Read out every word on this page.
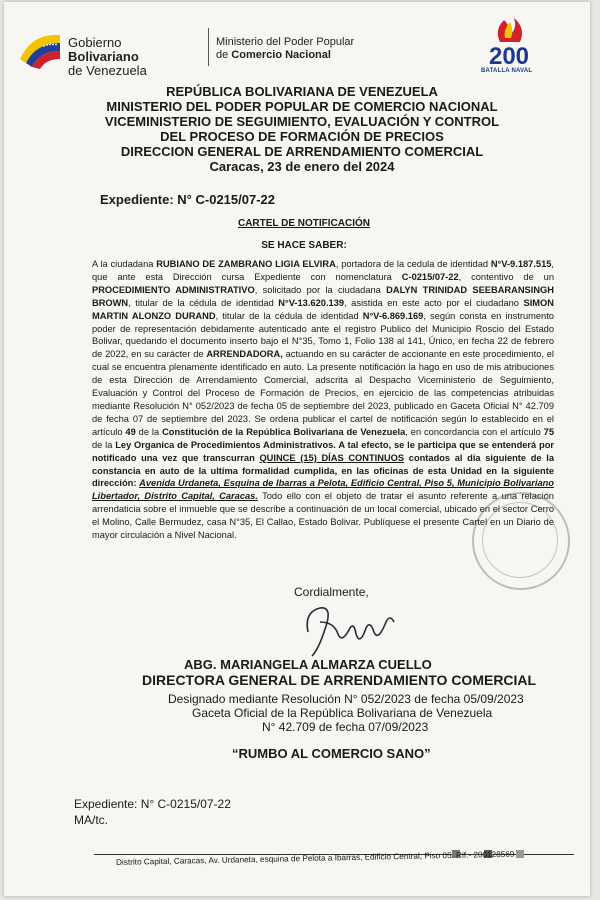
Gobierno Bolivariano
de Venezuela
Ministerio del Poder Popular
de Comercio Nacional	200
BATALLA NAVAL
REPÚBLICA BOLIVARIANA DE VENEZUELA
MINISTERIO DEL PODER POPULAR DE COMERCIO NACIONAL
VICEMINISTERIO DE SEGUIMIENTO, EVALUACIÓN Y CONTROL
DEL PROCESO DE FORMACIÓN DE PRECIOS
DIRECCION GENERAL DE ARRENDAMIENTO COMERCIAL
Caracas, 23 de enero del 2024
Expediente: N° C-0215/07-22
CARTEL DE NOTIFICACIÓN
SE HACE SABER:
A la ciudadana RUBIANO DE ZAMBRANO LIGIA ELVIRA, portadora de la cedula de identidad N°V-9.187.515, que ante esta Dirección cursa Expediente con nomenclatura C-0215/07-22, contentivo de un PROCEDIMIENTO ADMINISTRATIVO, solicitado por la ciudadana DALYN TRINIDAD SEEBARANSINGH BROWN, titular de la cédula de identidad N°V-13.620.139, asistida en este acto por el ciudadano SIMON MARTIN ALONZO DURAND, titular de la cédula de identidad N°V-6.869.169, según consta en instrumento poder de representación debidamente autenticado ante el registro Publico del Municipio Roscio del Estado Bolivar, quedando el documento inserto bajo el N°35, Tomo 1, Folio 138 al 141, Único, en fecha 22 de febrero de 2022, en su carácter de ARRENDADORA, actuando en su carácter de accionante en este procedimiento, el cual se encuentra plenamente identificado en auto. La presente notificación la hago en uso de mis atribuciones de esta Dirección de Arrendamiento Comercial, adscrita al Despacho Viceministerio de Seguimiento, Evaluación y Control del Proceso de Formación de Precios, en ejercicio de las competencias atribuidas mediante Resolución N° 052/2023 de fecha 05 de septiembre del 2023, publicado en Gaceta Oficial N° 42.709 de fecha 07 de septiembre del 2023. Se ordena publicar el cartel de notificación según lo establecido en el artículo 49 de la Constitución de la República Bolivariana de Venezuela, en concordancia con el artículo 75 de la Ley Organica de Procedimientos Administrativos. A tal efecto, se le participa que se entenderá por notificado una vez que transcurran QUINCE (15) DÍAS CONTINUOS contados al día siguiente de la constancia en auto de la ultima formalidad cumplida, en las oficinas de esta Unidad en la siguiente dirección: Avenida Urdaneta, Esquina de Ibarras a Pelota, Edificio Central, Piso 5, Municipio Bolivariano Libertador, Distrito Capital, Caracas. Todo ello con el objeto de tratar el asunto referente a una relación arrendaticia sobre el inmueble que se describe a continuación de un local comercial, ubicado en el sector Cerro el Molino, Calle Bermudez, casa N°35, El Callao, Estado Bolivar. Publíquese el presente Cartel en un Diario de mayor circulación a Nivel Nacional.
Cordialmente,
ABG. MARIANGELA ALMARZA CUELLO
DIRECTORA GENERAL DE ARRENDAMIENTO COMERCIAL
Designado mediante Resolución N° 052/2023 de fecha 05/09/2023
Gaceta Oficial de la República Bolivariana de Venezuela
N° 42.709 de fecha 07/09/2023
“RUMBO AL COMERCIO SANO”
Expediente: N° C-0215/07-22
MA/tc.
Distrito Capital, Caracas, Av. Urdaneta, esquina de Pelota a Ibarras, Edificio Central, Piso 05. Rif.- 200128569
